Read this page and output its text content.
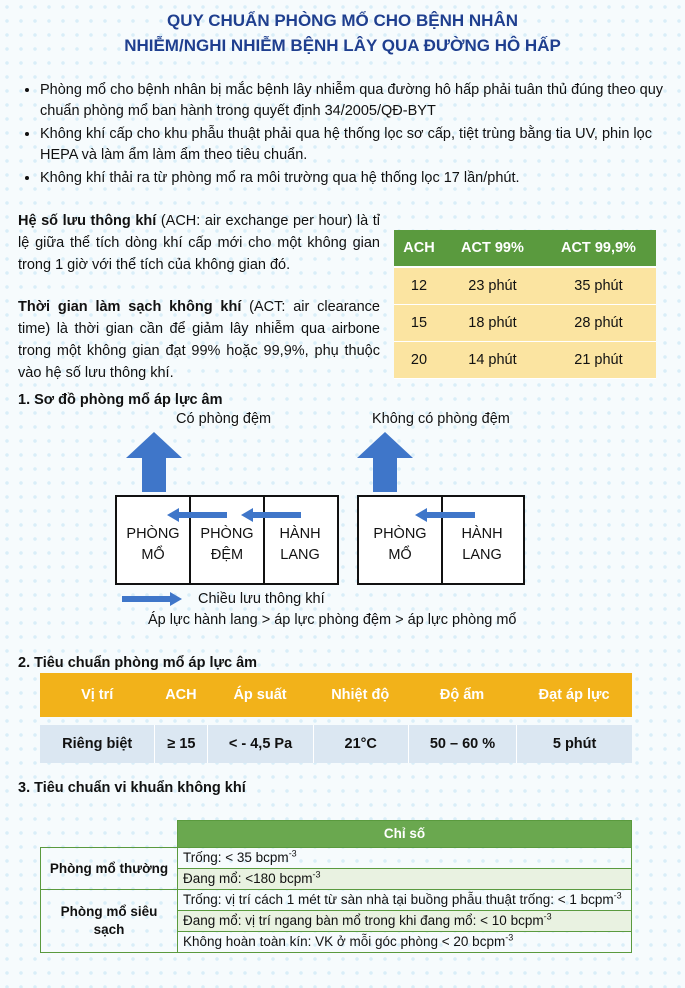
QUY CHUẨN PHÒNG MỔ CHO BỆNH NHÂN
NHIỄM/NGHI NHIỄM BỆNH LÂY QUA ĐƯỜNG HÔ HẤP
• Phòng mổ cho bệnh nhân bị mắc bệnh lây nhiễm qua đường hô hấp phải tuân thủ đúng theo quy chuẩn phòng mổ ban hành trong quyết định 34/2005/QĐ-BYT
• Không khí cấp cho khu phẫu thuật phải qua hệ thống lọc sơ cấp, tiệt trùng bằng tia UV, phin lọc HEPA và làm ẩm làm ẩm theo tiêu chuẩn.
• Không khí thải ra từ phòng mổ ra môi trường qua hệ thống lọc 17 lần/phút.
Hệ số lưu thông khí (ACH: air exchange per hour) là tỉ lệ giữa thể tích dòng khí cấp mới cho một không gian trong 1 giờ với thể tích của không gian đó.
Thời gian làm sạch không khí (ACT: air clearance time) là thời gian cần để giảm lây nhiễm qua airbone trong một không gian đạt 99% hoặc 99,9%, phụ thuộc vào hệ số lưu thông khí.
ACH	ACT 99%	ACT 99,9%
12	23 phút	35 phút
15	18 phút	28 phút
20	14 phút	21 phút
1. Sơ đồ phòng mổ áp lực âm
Có phòng đệm	Không có phòng đệm
PHÒNG
MỔ
PHÒNG
ĐỆM
HÀNH
LANG
PHÒNG
MỔ
HÀNH
LANG
Chiều lưu thông khí
Áp lực hành lang > áp lực phòng đệm > áp lực phòng mổ
2. Tiêu chuẩn phòng mổ áp lực âm
Vị trí	ACH	Áp suất	Nhiệt độ	Độ ẩm	Đạt áp lực

Riêng biệt	≥ 15	< - 4,5 Pa	21°C	50 – 60 %	5 phút
3. Tiêu chuẩn vi khuẩn không khí
	Chỉ số
Phòng mổ thường	Trống: < 35 bcpm$^{-3}$
	Đang mổ: <180 bcpm$^{-3}$
Phòng mổ siêu sạch	Trống: vị trí cách 1 mét từ sàn nhà tại buồng phẫu thuật trống: < 1 bcpm$^{-3}$
	Đang mổ: vị trí ngang bàn mổ trong khi đang mổ: < 10 bcpm$^{-3}$
	Không hoàn toàn kín: VK ở mỗi góc phòng < 20 bcpm$^{-3}$
